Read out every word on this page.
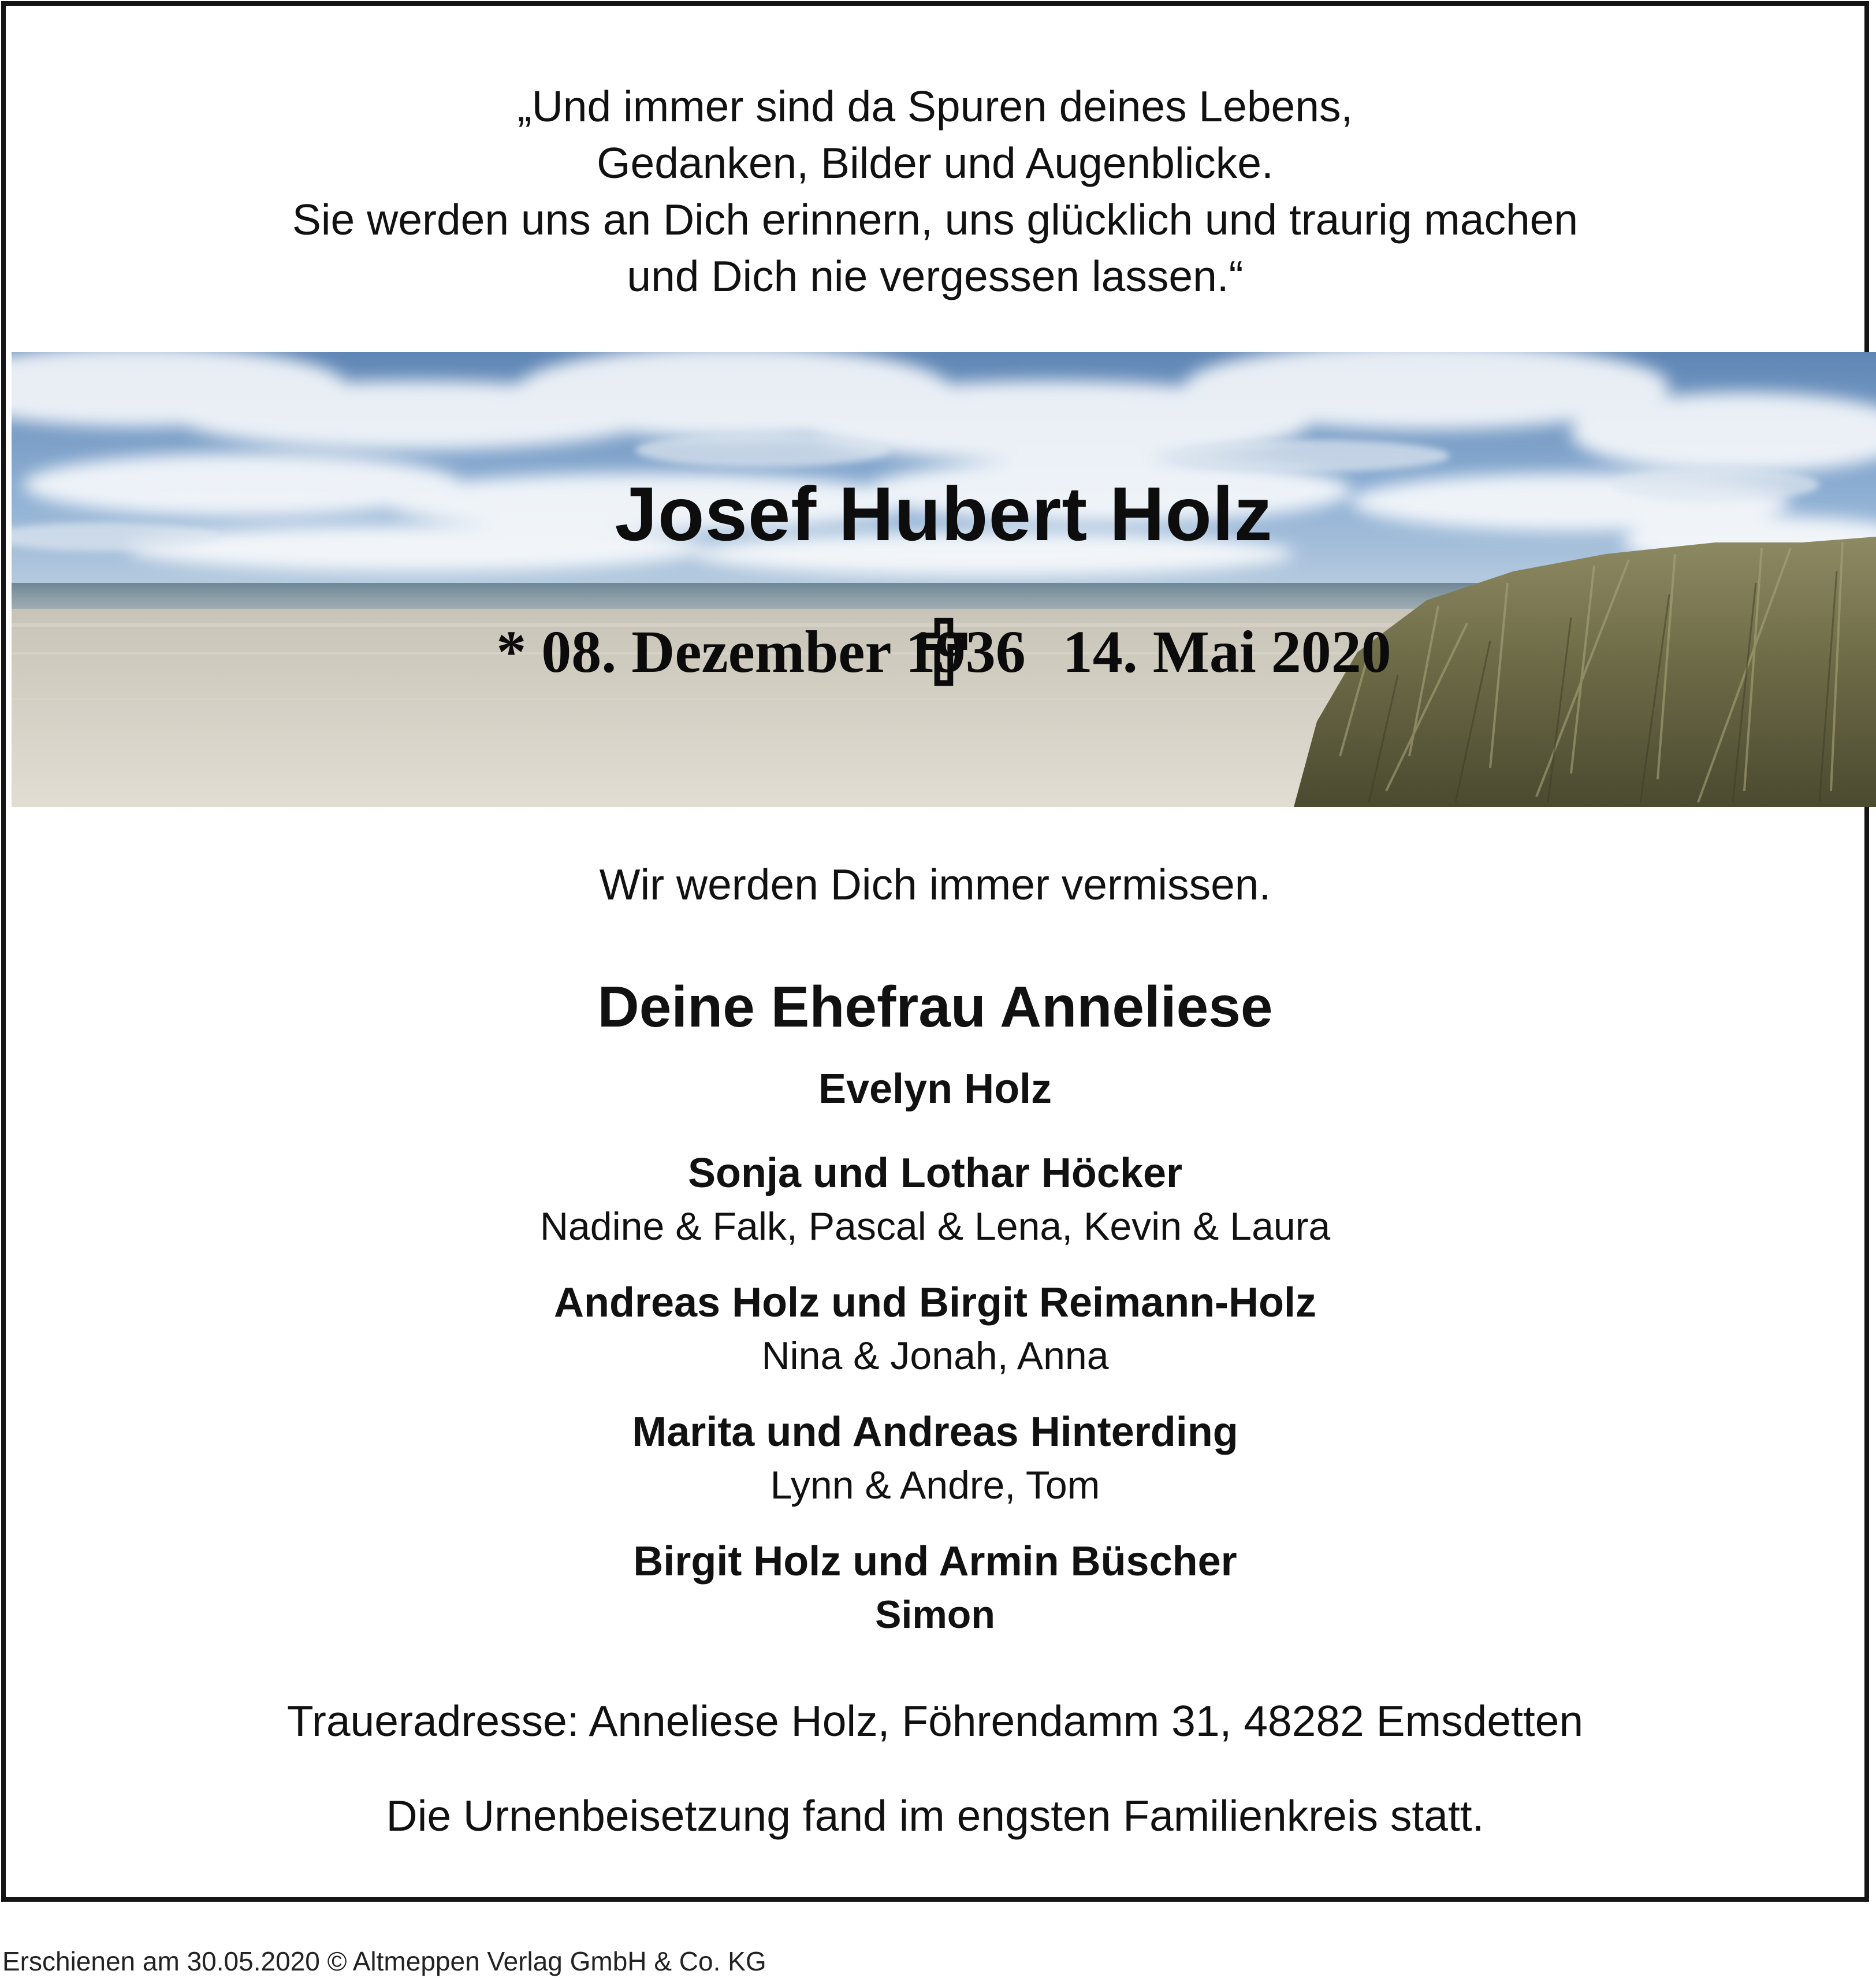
„Und immer sind da Spuren deines Lebens,
Gedanken, Bilder und Augenblicke.
Sie werden uns an Dich erinnern, uns glücklich und traurig machen
und Dich nie vergessen lassen.“
Josef Hubert Holz
* 08. Dezember 1936 14. Mai 2020
Wir werden Dich immer vermissen.
Deine Ehefrau Anneliese
Evelyn Holz
Sonja und Lothar Höcker
Nadine & Falk, Pascal & Lena, Kevin & Laura
Andreas Holz und Birgit Reimann-Holz
Nina & Jonah, Anna
Marita und Andreas Hinterding
Lynn & Andre, Tom
Birgit Holz und Armin Büscher
Simon
Traueradresse: Anneliese Holz, Föhrendamm 31, 48282 Emsdetten
Die Urnenbeisetzung fand im engsten Familienkreis statt.
Erschienen am 30.05.2020 © Altmeppen Verlag GmbH & Co. KG
